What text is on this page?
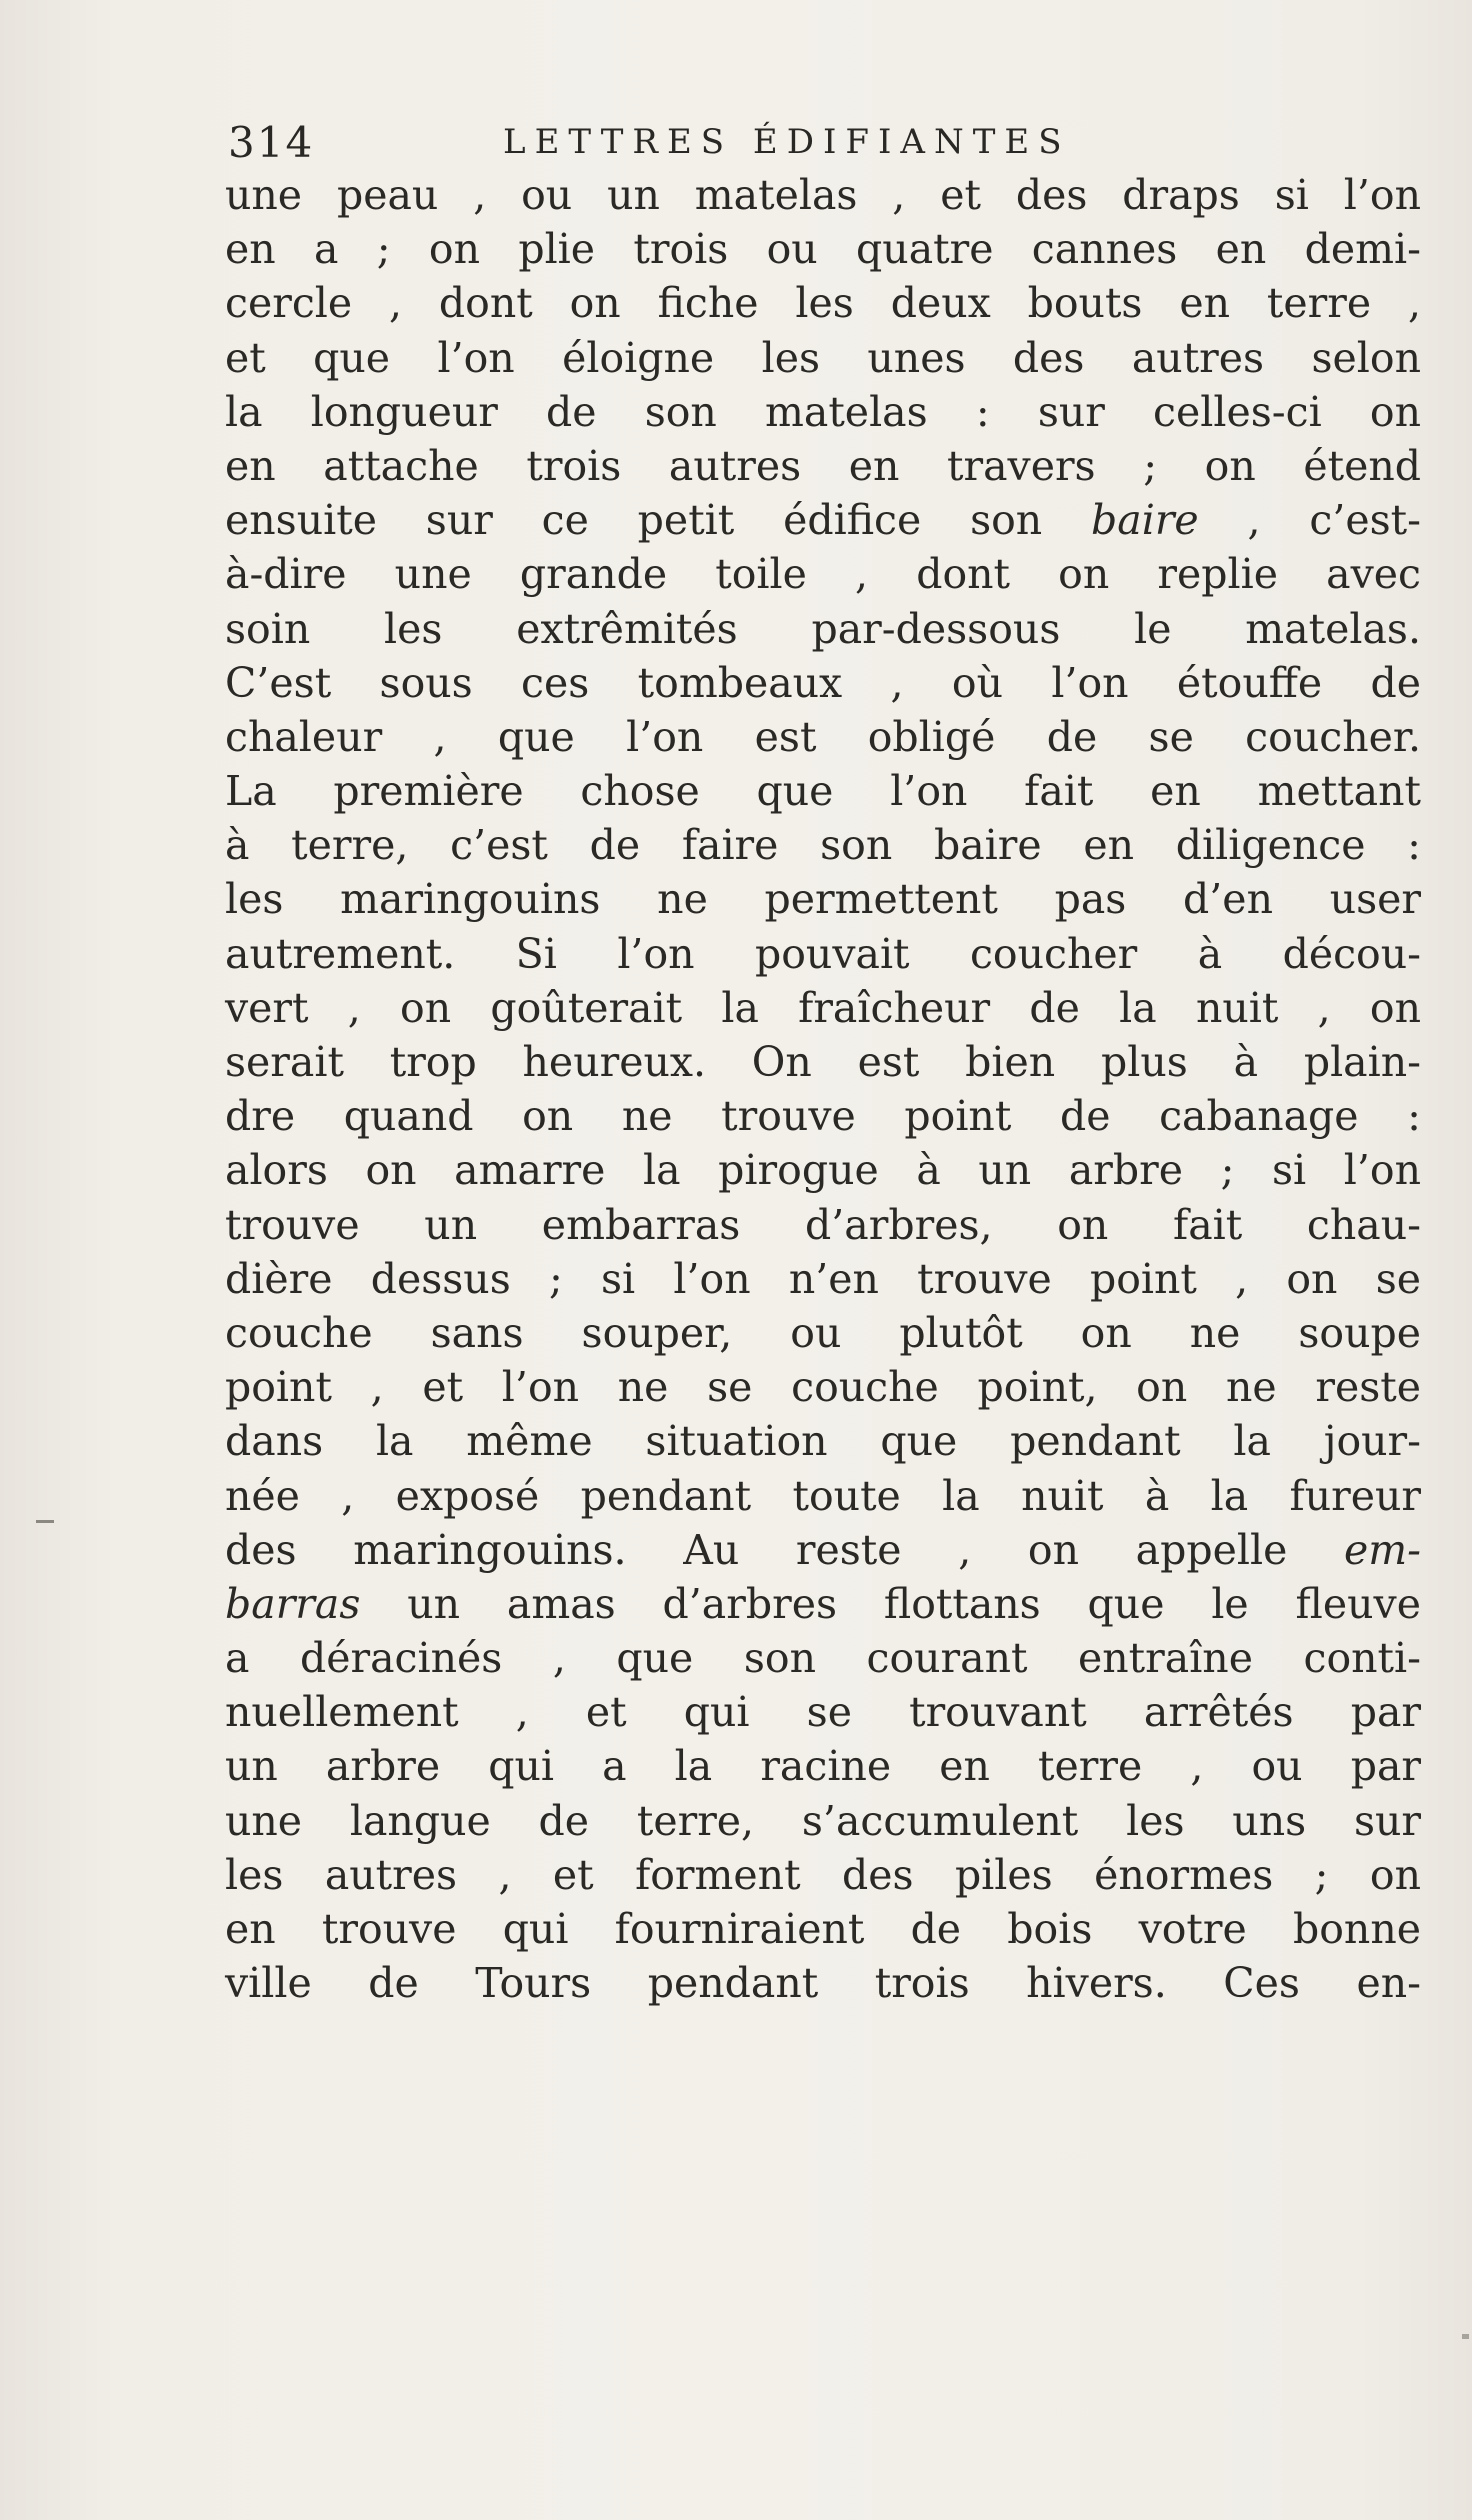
314	LETTRES ÉDIFIANTES
une peau , ou un matelas , et des draps si l’on
en a ; on plie trois ou quatre cannes en demi-
cercle , dont on fiche les deux bouts en terre ,
et que l’on éloigne les unes des autres selon
la longueur de son matelas : sur celles-ci on
en attache trois autres en travers ; on étend
ensuite sur ce petit édifice son baire , c’est-
à-dire une grande toile , dont on replie avec
soin les extrêmités par-dessous le matelas.
C’est sous ces tombeaux , où l’on étouffe de
chaleur , que l’on est obligé de se coucher.
La première chose que l’on fait en mettant
à terre, c’est de faire son baire en diligence :
les maringouins ne permettent pas d’en user
autrement. Si l’on pouvait coucher à décou-
vert , on goûterait la fraîcheur de la nuit , on
serait trop heureux. On est bien plus à plain-
dre quand on ne trouve point de cabanage :
alors on amarre la pirogue à un arbre ; si l’on
trouve un embarras d’arbres, on fait chau-
dière dessus ; si l’on n’en trouve point , on se
couche sans souper, ou plutôt on ne soupe
point , et l’on ne se couche point, on ne reste
dans la même situation que pendant la jour-
née , exposé pendant toute la nuit à la fureur
des maringouins. Au reste , on appelle em-
barras un amas d’arbres flottans que le fleuve
a déracinés , que son courant entraîne conti-
nuellement , et qui se trouvant arrêtés par
un arbre qui a la racine en terre , ou par
une langue de terre, s’accumulent les uns sur
les autres , et forment des piles énormes ; on
en trouve qui fourniraient de bois votre bonne
ville de Tours pendant trois hivers. Ces en-
